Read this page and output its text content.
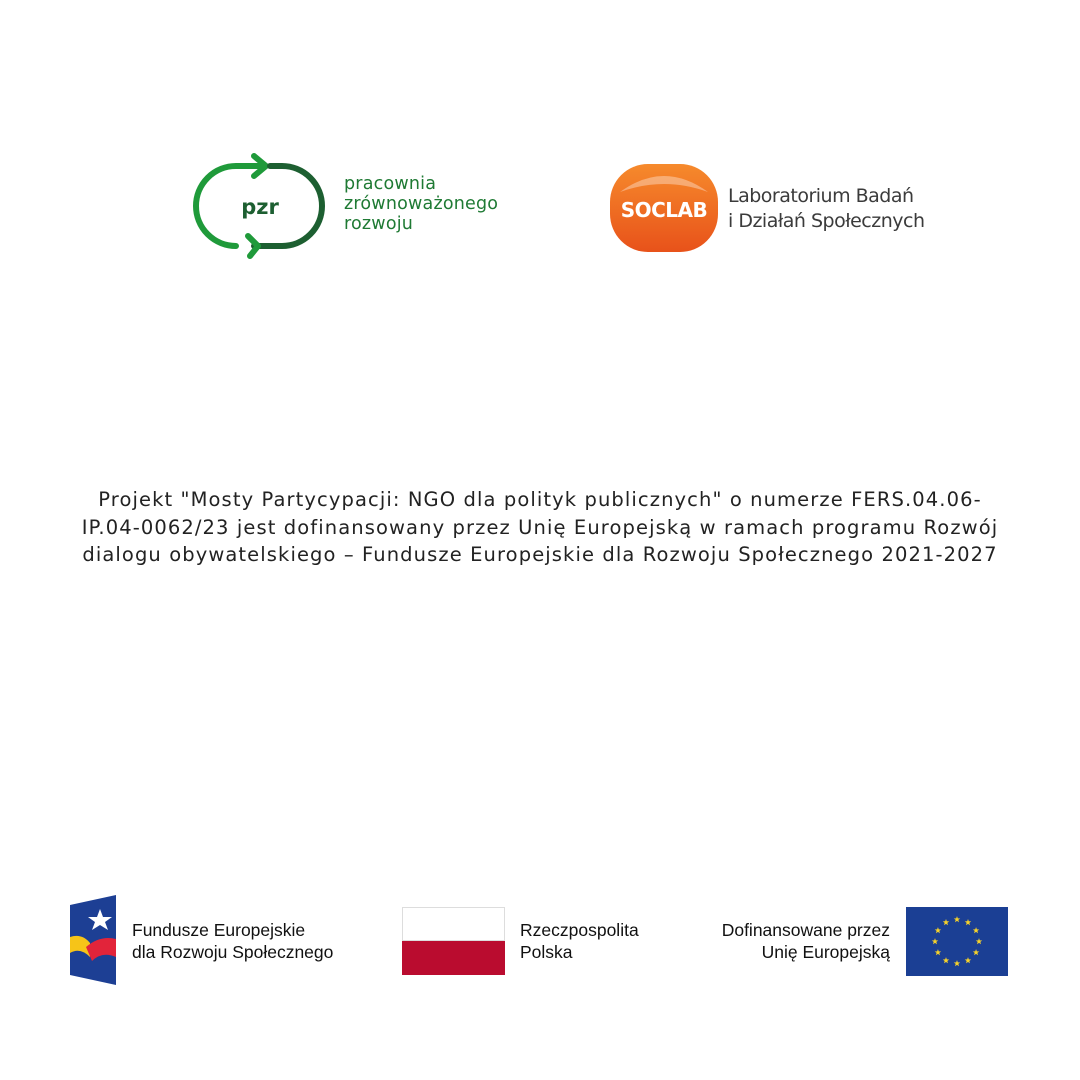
pzr
pracownia
zrównoważonego
rozwoju
SOCLAB
Laboratorium Badań
i Działań Społecznych
Projekt "Mosty Partycypacji: NGO dla polityk publicznych" o numerze FERS.04.06-IP.04-0062/23 jest dofinansowany przez Unię Europejską w ramach programu Rozwój dialogu obywatelskiego – Fundusze Europejskie dla Rozwoju Społecznego 2021-2027
Fundusze Europejskie
dla Rozwoju Społecznego
Rzeczpospolita
Polska
Dofinansowane przez
Unię Europejską
